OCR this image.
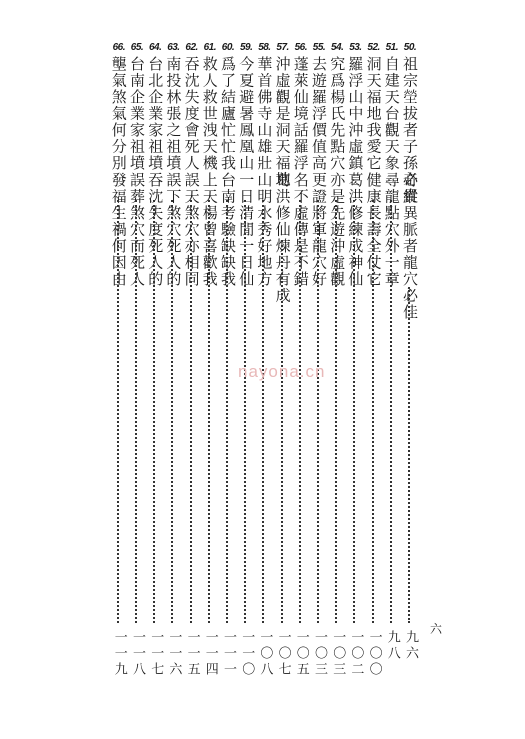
50.
祖宗塋拔者子孫必貴
奇縱異脈者龍穴必佳
九六
51.
自建天台觀天象
尋龍點穴外一章
九八
52.
洞天福地我愛它
健康長壽全仗它
一〇〇
53.
羅浮山中沖虛鎮
葛洪修練成神仙
一〇二
54.
究爲楊氏先點穴
亦是先遊沖虛觀
一〇三
55.
去遊羅浮價值高
更證將軍龍穴好
一〇三
56.
蓬萊仙境話羅浮
名不虛傳是不錯
一〇五
57.
沖虛觀是洞天福地
葛洪修仙煉丹有成
一〇七
58.
華首佛寺山雄壯
山明水秀好地方
一〇八
59.
今夏避暑鳳凰山
一日清閒一日仙
一一〇
60.
爲了結廬忙忙我
台南考驗缺缺我
一一一
61.
救人救世洩天機
上天楊曾喜歡我
一一四
62.
吞沈失度會死人
誤天煞穴亦相同
一一五
63.
南投林張之祖墳
誤下煞穴死人的
一一六
64.
台北企業家祖墳
吞沈失度死人的
一一七
65.
台南企業家祖墳
誤葬煞穴而死人
一一八
66.
壟氣煞氣何分別
發福生禍何因由
一一九
六
nayona.cn
